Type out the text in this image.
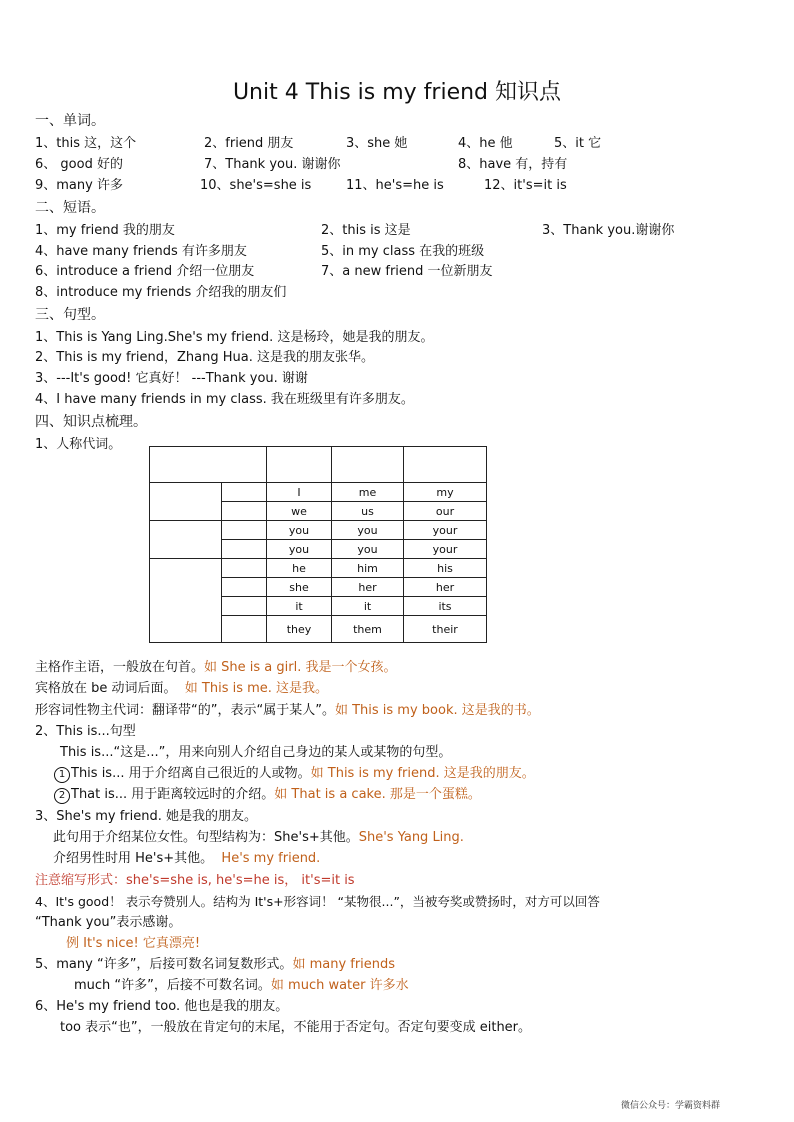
Unit 4 This is my friend 知识点
一、单词。
1、this 这，这个	2、friend 朋友	3、she 她	4、he 他	5、it 它
6、 good 好的	7、Thank you. 谢谢你	8、have 有，持有
9、many 许多	10、she's=she is	11、he's=he is	12、it's=it is
二、短语。
1、my friend 我的朋友	2、this is 这是	3、Thank you.谢谢你
4、have many friends 有许多朋友	5、in my class 在我的班级
6、introduce a friend 介绍一位朋友	7、a new friend 一位新朋友
8、introduce my friends 介绍我的朋友们
三、句型。
1、This is Yang Ling.She's my friend. 这是杨玲，她是我的朋友。
2、This is my friend，Zhang Hua. 这是我的朋友张华。
3、---It's good! 它真好！ ---Thank you. 谢谢
4、I have many friends in my class. 我在班级里有许多朋友。
四、知识点梳理。
1、人称代词。

		I	me	my
		we	us	our
		you	you	your
		you	you	your
		he	him	his
		she	her	her
		it	it	its
		they	them	their
主格作主语，一般放在句首。如 She is a girl. 我是一个女孩。
宾格放在 be 动词后面。 如 This is me. 这是我。
形容词性物主代词：翻译带“的”，表示“属于某人”。如 This is my book. 这是我的书。
2、This is...句型
This is...“这是...”，用来向别人介绍自己身边的某人或某物的句型。
1 This is... 用于介绍离自己很近的人或物。如 This is my friend. 这是我的朋友。
2 That is... 用于距离较远时的介绍。如 That is a cake. 那是一个蛋糕。
3、She's my friend. 她是我的朋友。
此句用于介绍某位女性。句型结构为：She's+其他。She's Yang Ling.
介绍男性时用 He's+其他。 He's my friend.
注意缩写形式：she's=she is, he's=he is， it's=it is
4、It's good！ 表示夸赞别人。结构为 It's+形容词！ “某物很...”，当被夸奖或赞扬时，对方可以回答
“Thank you”表示感谢。
例 It's nice! 它真漂亮!
5、many “许多”，后接可数名词复数形式。如 many friends
much “许多”，后接不可数名词。如 much water 许多水
6、He's my friend too. 他也是我的朋友。
too 表示“也”，一般放在肯定句的末尾，不能用于否定句。否定句要变成 either。
微信公众号：学霸资料群
